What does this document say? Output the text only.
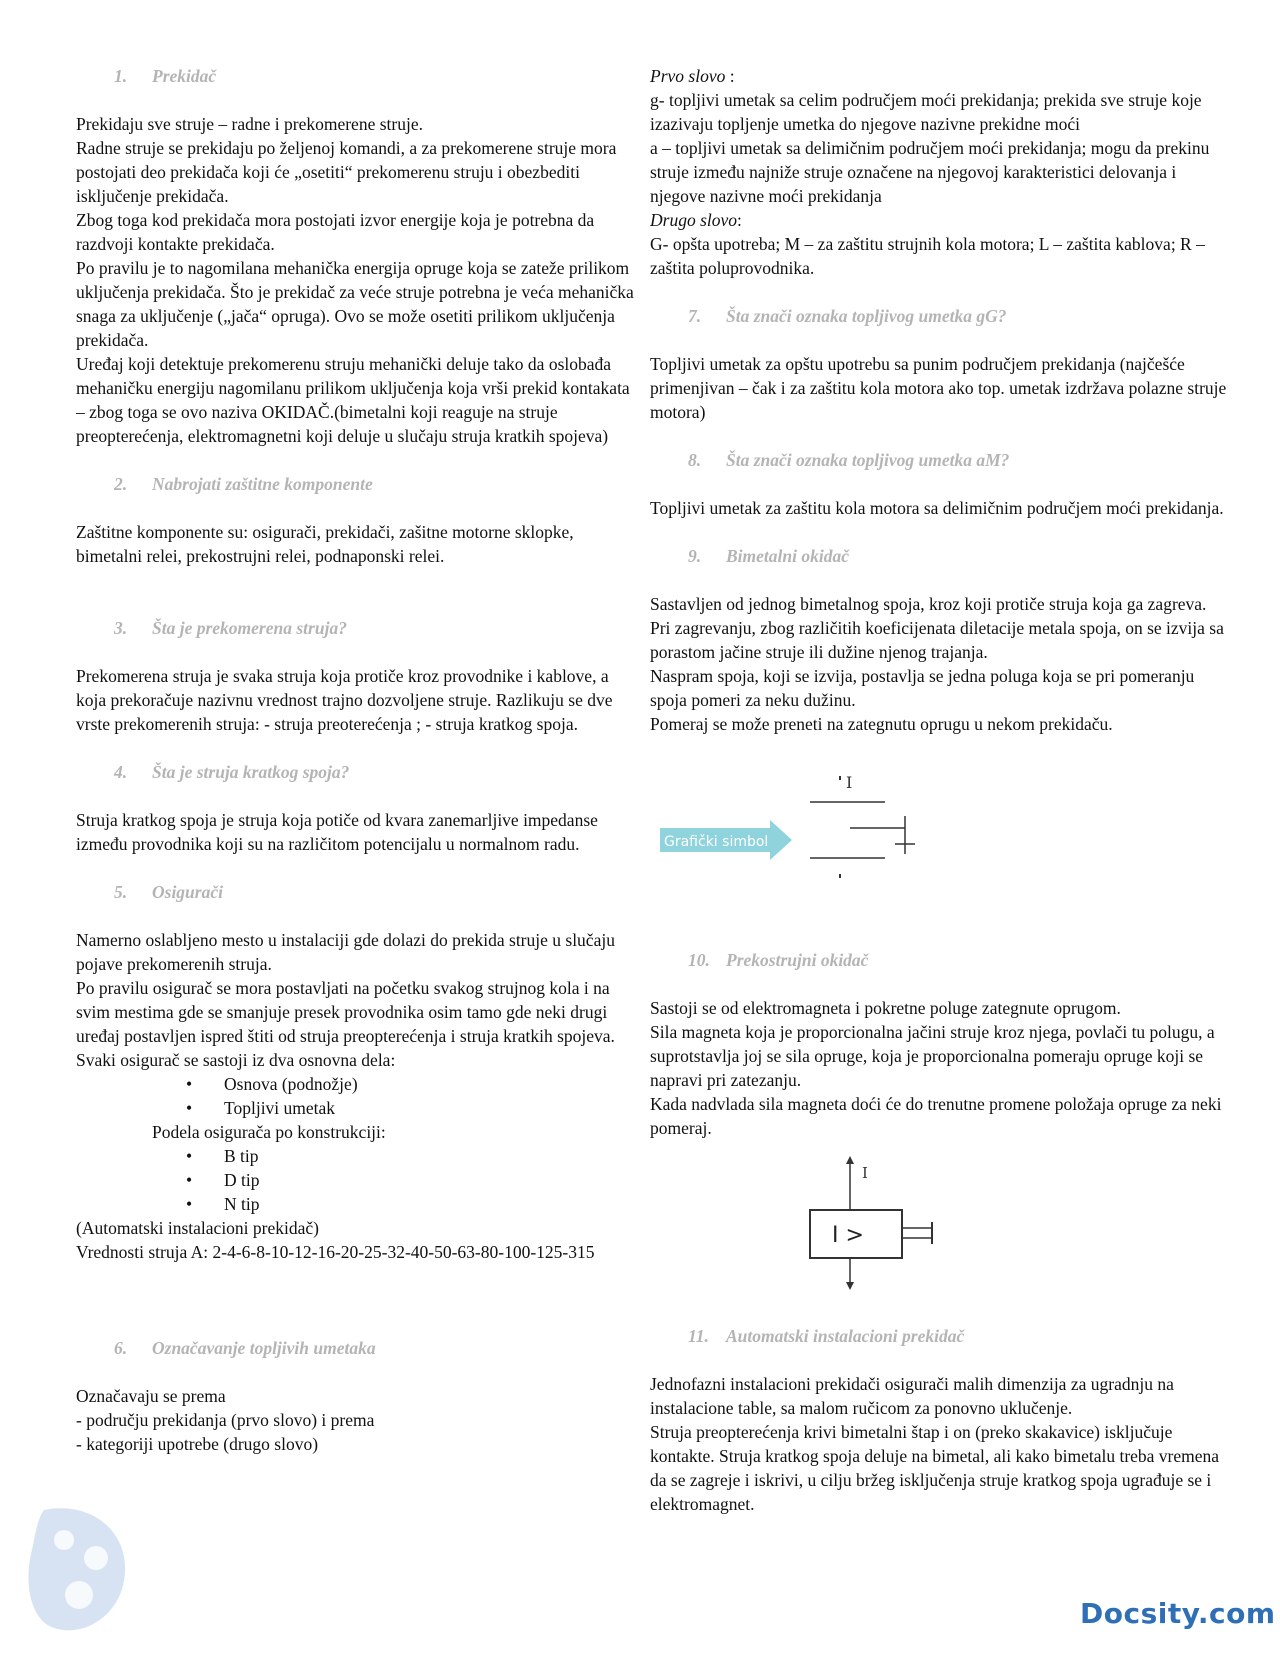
1. Prekidač

Prekidaju sve struje – radne i prekomerene struje.

Radne struje se prekidaju po željenoj komandi, a za prekomerene struje mora postojati deo prekidača koji će „osetiti“ prekomerenu struju i obezbediti isključenje prekidača.

Zbog toga kod prekidača mora postojati izvor energije koja je potrebna da razdvoji kontakte prekidača.

Po pravilu je to nagomilana mehanička energija opruge koja se zateže prilikom uključenja prekidača. Što je prekidač za veće struje potrebna je veća mehanička snaga za uključenje („jača“ opruga). Ovo se može osetiti prilikom uključenja prekidača.

Uređaj koji detektuje prekomerenu struju mehanički deluje tako da oslobađa mehaničku energiju nagomilanu prilikom uključenja koja vrši prekid kontakata – zbog toga se ovo naziva OKIDAČ.(bimetalni koji reaguje na struje preopterećenja, elektromagnetni koji deluje u slučaju struja kratkih spojeva)

2. Nabrojati zaštitne komponente

Zaštitne komponente su: osigurači, prekidači, zašitne motorne sklopke, bimetalni relei, prekostrujni relei, podnaponski relei.

3. Šta je prekomerena struja?

Prekomerena struja je svaka struja koja protiče kroz provodnike i kablove, a koja prekoračuje nazivnu vrednost trajno dozvoljene struje. Razlikuju se dve vrste prekomerenih struja: - struja preoterećenja ; - struja kratkog spoja.

4. Šta je struja kratkog spoja?

Struja kratkog spoja je struja koja potiče od kvara zanemarljive impedanse između provodnika koji su na različitom potencijalu u normalnom radu.

5. Osigurači

Namerno oslabljeno mesto u instalaciji gde dolazi do prekida struje u slučaju pojave prekomerenih struja.

Po pravilu osigurač se mora postavljati na početku svakog strujnog kola i na svim mestima gde se smanjuje presek provodnika osim tamo gde neki drugi uređaj postavljen ispred štiti od struja preopterećenja i struja kratkih spojeva.

Svaki osigurač se sastoji iz dva osnovna dela:

• Osnova (podnožje)
• Topljivi umetak

Podela osigurača po konstrukciji:

• B tip
• D tip
• N tip

(Automatski instalacioni prekidač)

Vrednosti struja A: 2-4-6-8-10-12-16-20-25-32-40-50-63-80-100-125-315

6. Označavanje topljivih umetaka

Označavaju se prema

- području prekidanja (prvo slovo) i prema

- kategoriji upotrebe (drugo slovo)

Prvo slovo :

g- topljivi umetak sa celim područjem moći prekidanja; prekida sve struje koje izazivaju topljenje umetka do njegove nazivne prekidne moći

a – topljivi umetak sa delimičnim područjem moći prekidanja; mogu da prekinu struje između najniže struje označene na njegovoj karakteristici delovanja i njegove nazivne moći prekidanja

Drugo slovo:

G- opšta upotreba; M – za zaštitu strujnih kola motora; L – zaštita kablova; R – zaštita poluprovodnika.

7. Šta znači oznaka topljivog umetka gG?

Topljivi umetak za opštu upotrebu sa punim područjem prekidanja (najčešće primenjivan – čak i za zaštitu kola motora ako top. umetak izdržava polazne struje motora)

8. Šta znači oznaka topljivog umetka aM?

Topljivi umetak za zaštitu kola motora sa delimičnim područjem moći prekidanja.

9. Bimetalni okidač

Sastavljen od jednog bimetalnog spoja, kroz koji protiče struja koja ga zagreva.

Pri zagrevanju, zbog različitih koeficijenata diletacije metala spoja, on se izvija sa porastom jačine struje ili dužine njenog trajanja.

Naspram spoja, koji se izvija, postavlja se jedna poluga koja se pri pomeranju spoja pomeri za neku dužinu.

Pomeraj se može preneti na zategnutu oprugu u nekom prekidaču.

Grafički simbol
I
10. Prekostrujni okidač

Sastoji se od elektromagneta i pokretne poluge zategnute oprugom.

Sila magneta koja je proporcionalna jačini struje kroz njega, povlači tu polugu, a suprotstavlja joj se sila opruge, koja je proporcionalna pomeraju opruge koji se napravi pri zatezanju.

Kada nadvlada sila magneta doći će do trenutne promene položaja opruge za neki pomeraj.

I
I >
11. Automatski instalacioni prekidač

Jednofazni instalacioni prekidači osigurači malih dimenzija za ugradnju na instalacione table, sa malom ručicom za ponovno uklučenje.

Struja preopterećenja krivi bimetalni štap i on (preko skakavice) isključuje kontakte. Struja kratkog spoja deluje na bimetal, ali kako bimetalu treba vremena da se zagreje i iskrivi, u cilju bržeg isključenja struje kratkog spoja ugrađuje se i elektromagnet.

Docsity.com
